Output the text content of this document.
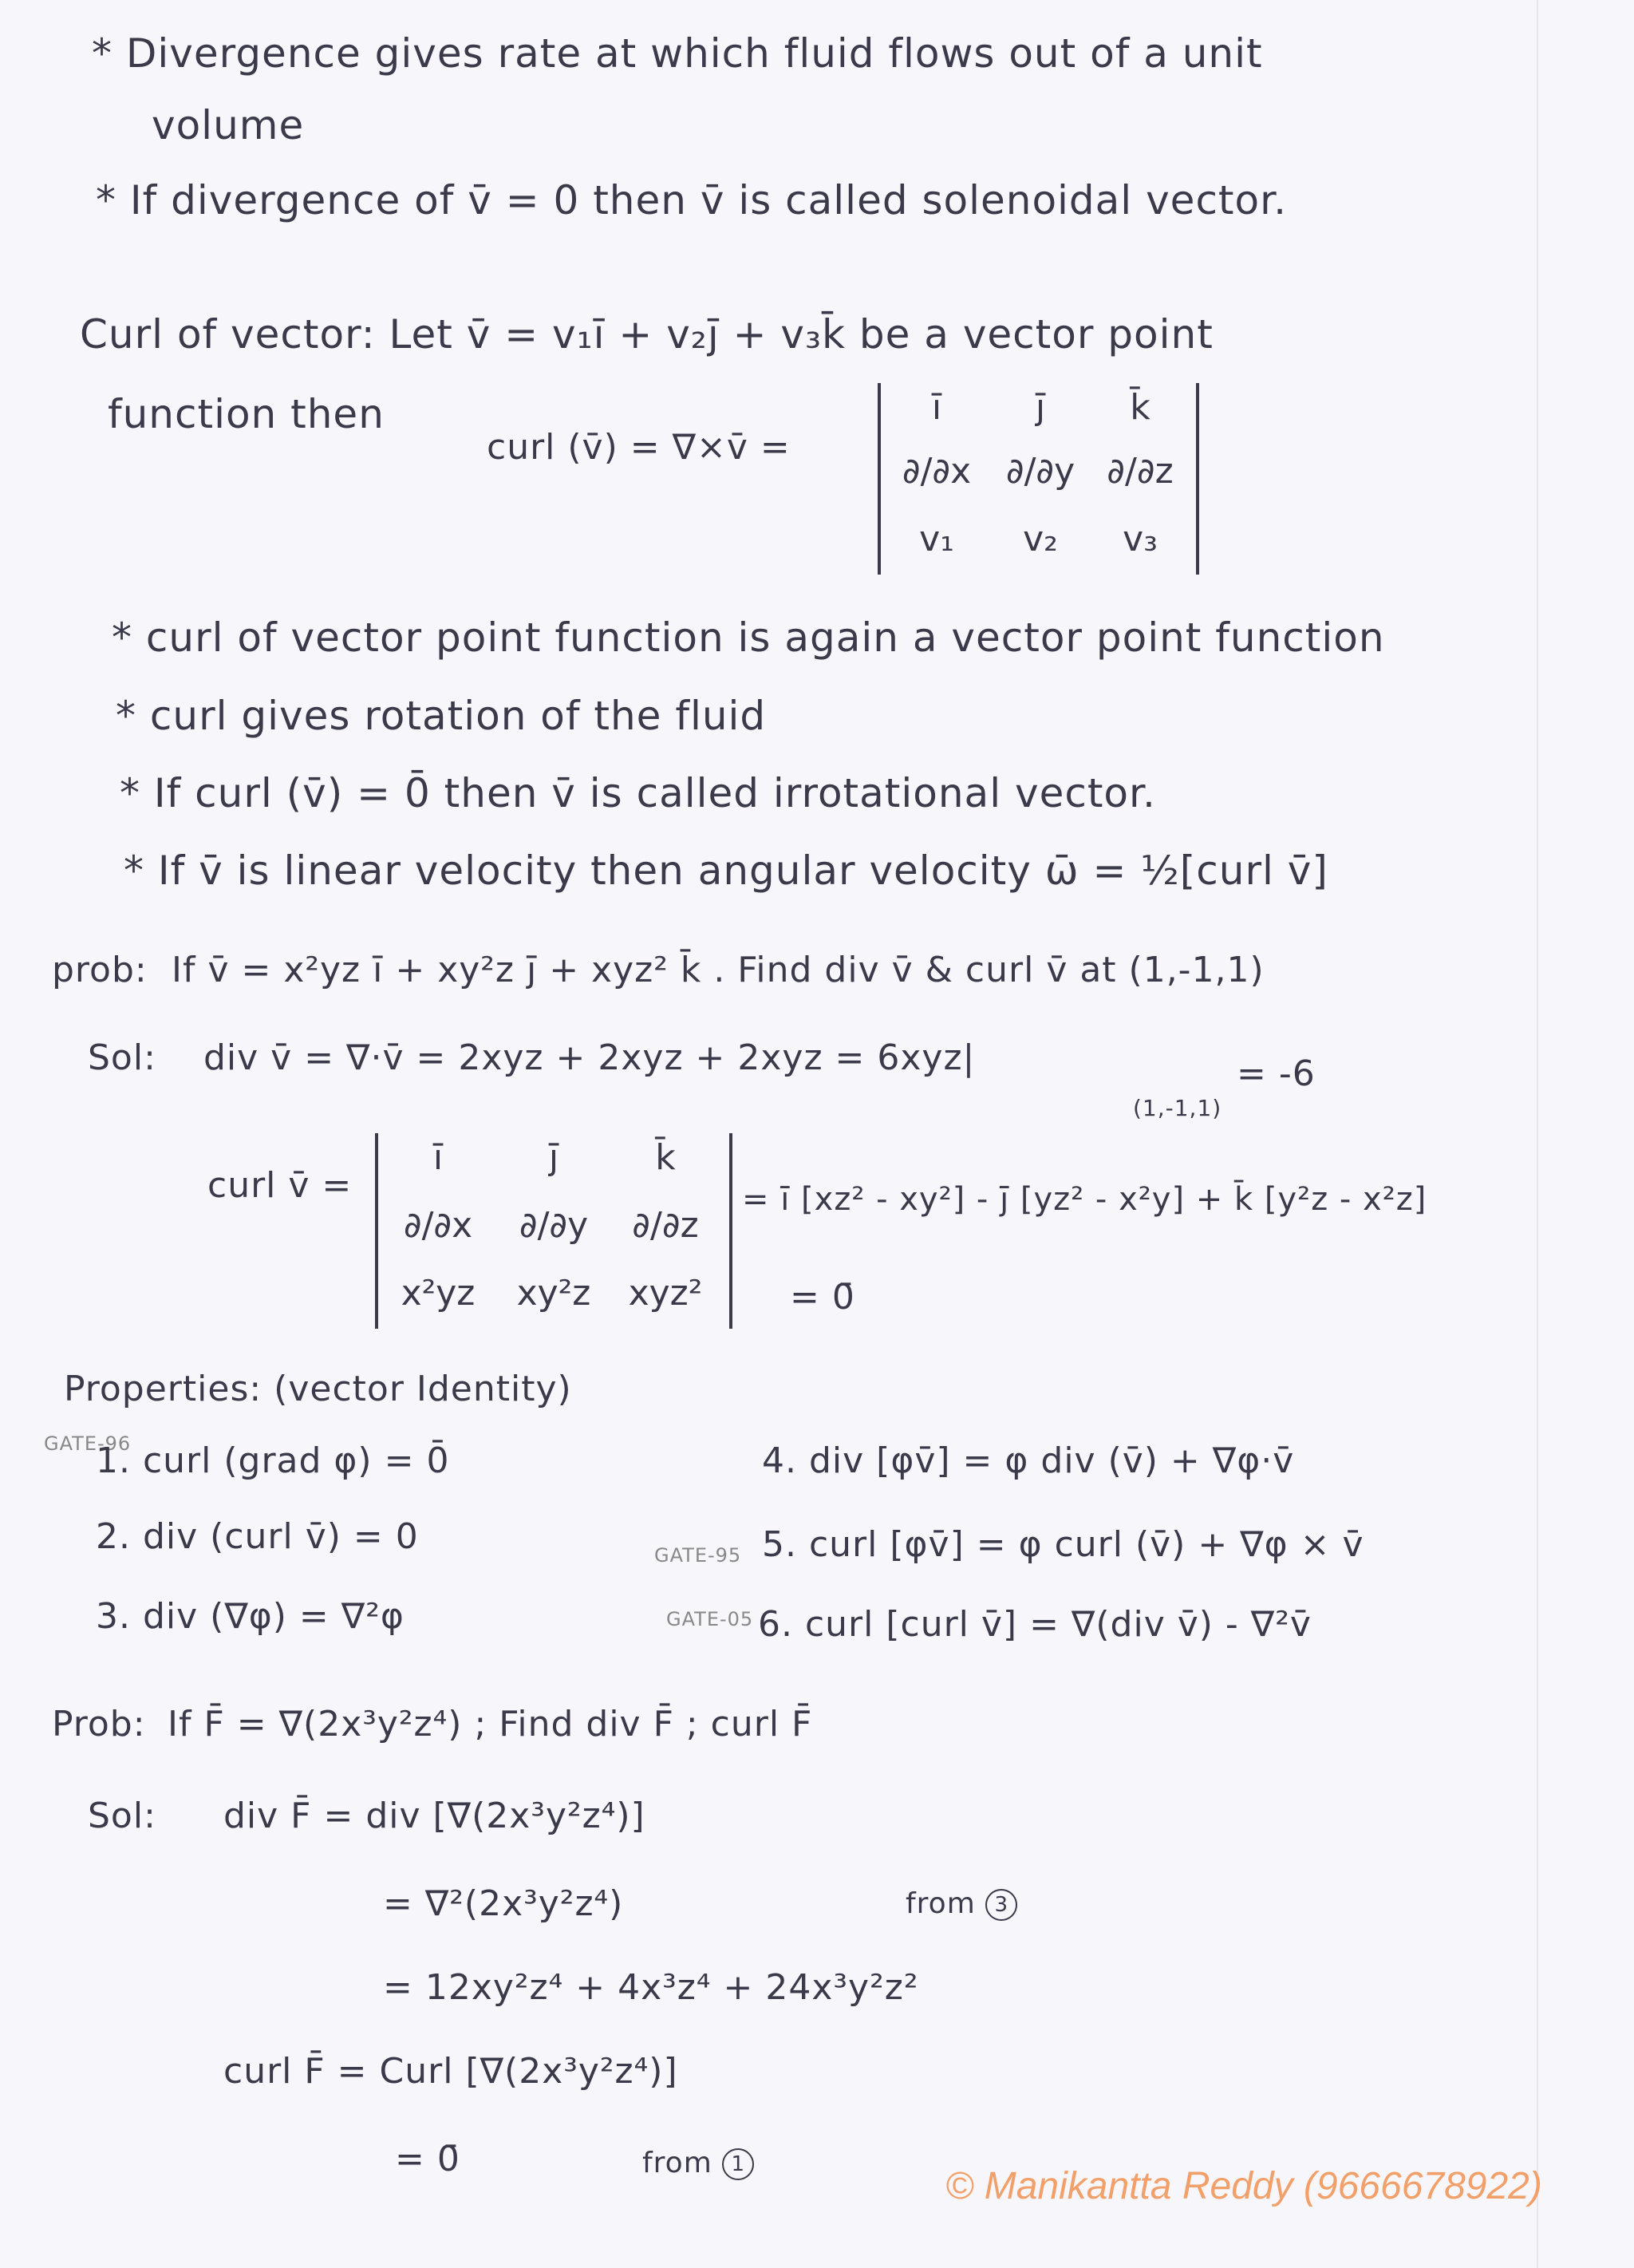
* Divergence gives rate at which fluid flows out of a unit
volume
* If divergence of v̄ = 0 then v̄ is called solenoidal vector.
Curl of vector: Let v̄ = v₁ī + v₂j̄ + v₃k̄ be a vector point
function then
curl (v̄) = ∇×v̄ =
ī	j̄	k̄
∂/∂x ∂/∂y ∂/∂z
v₁	v₂	v₃
* curl of vector point function is again a vector point function
* curl gives rotation of the fluid
* If curl (v̄) = 0̄ then v̄ is called irrotational vector.
* If v̄ is linear velocity then angular velocity ω̄ = ½[curl v̄]
prob: If v̄ = x²yz ī + xy²z j̄ + xyz² k̄ . Find div v̄ & curl v̄ at (1,-1,1)
Sol: div v̄ = ∇·v̄ = 2xyz + 2xyz + 2xyz = 6xyz|
(1,-1,1)
= -6
curl v̄ =
ī	j̄	k̄
∂/∂x	∂/∂y	∂/∂z
x²yz	xy²z	xyz²
= ī [xz² - xy²] - j̄ [yz² - x²y] + k̄ [y²z - x²z]
= 0̄
Properties: (vector Identity)
GATE-96
1. curl (grad φ) = 0̄
2. div (curl v̄) = 0
3. div (∇φ) = ∇²φ
4. div [φv̄] = φ div (v̄) + ∇φ·v̄
GATE-95 5. curl [φv̄] = φ curl (v̄) + ∇φ × v̄
GATE-05 6. curl [curl v̄] = ∇(div v̄) - ∇²v̄
Prob: If F̄ = ∇(2x³y²z⁴) ; Find div F̄ ; curl F̄
Sol: div F̄ = div [∇(2x³y²z⁴)]
= ∇²(2x³y²z⁴)	from 3
= 12xy²z⁴ + 4x³z⁴ + 24x³y²z²
curl F̄ = Curl [∇(2x³y²z⁴)]
= 0̄	from 1
© Manikantta Reddy (9666678922)
